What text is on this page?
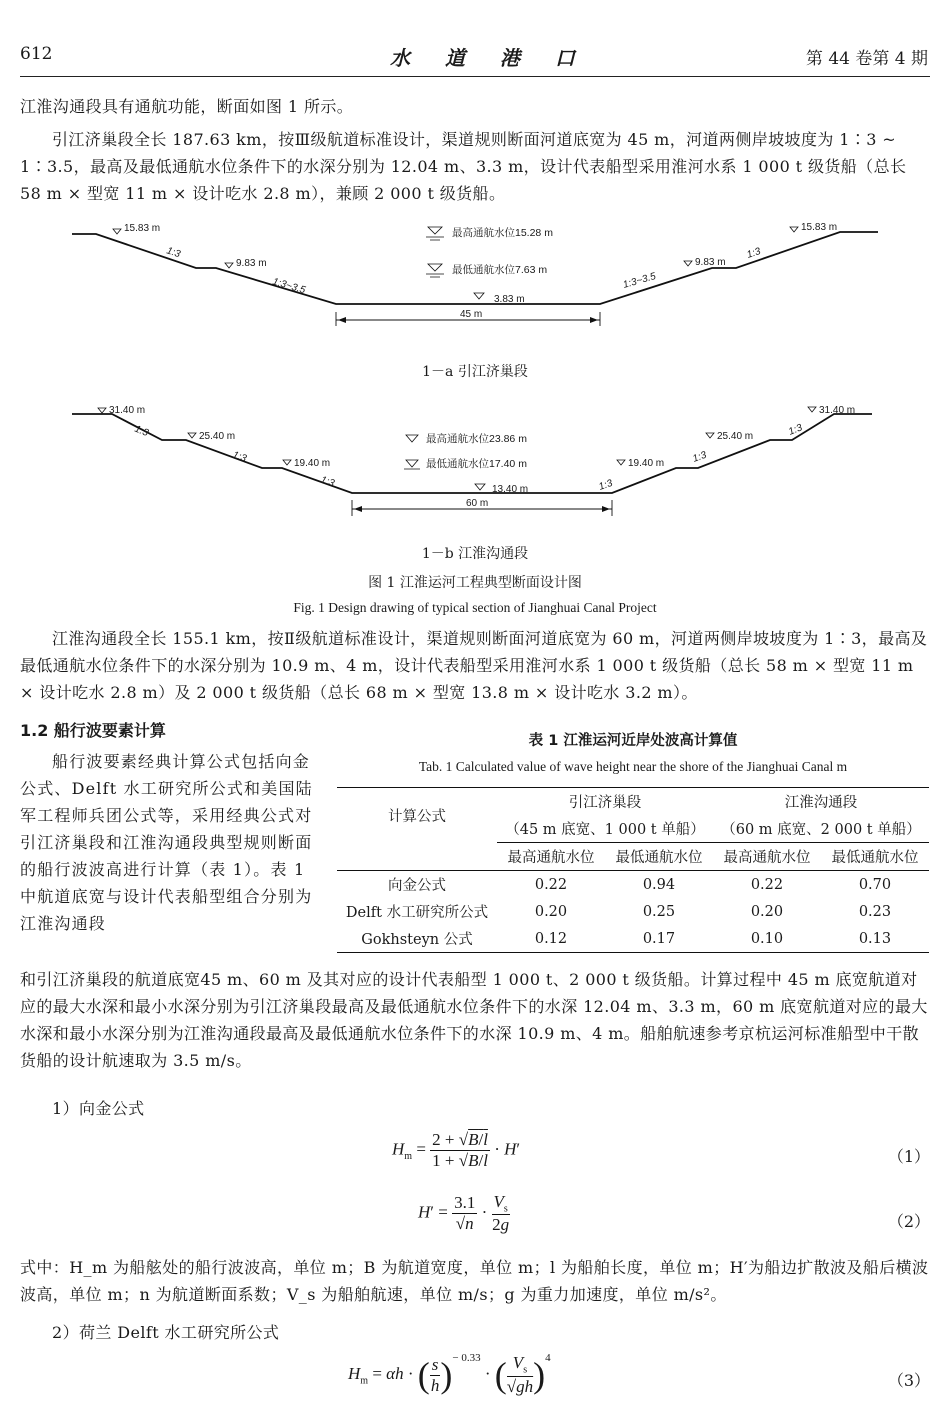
612	水 道 港 口	第 44 卷第 4 期

江淮沟通段具有通航功能，断面如图 1 所示。

引江济巢段全长 187.63 km，按Ⅲ级航道标准设计，渠道规则断面河道底宽为 45 m，河道两侧岸坡坡度为 1∶3 ~ 1∶3.5，最高及最低通航水位条件下的水深分别为 12.04 m、3.3 m，设计代表船型采用淮河水系 1 000 t 级货船（总长 58 m × 型宽 11 m × 设计吃水 2.8 m），兼顾 2 000 t 级货船。

15.83 m
1:3
9.83 m
1:3~3.5
最高通航水位15.28 m
最低通航水位7.63 m
3.83 m
45 m
1:3~3.5
9.83 m
1:3
15.83 m
1－a 引江济巢段
31.40 m
1:3	25.40 m
1:3	19.40 m
1:3
最高通航水位23.86 m
最低通航水位17.40 m
13.40 m
60 m
1:3
19.40 m	1:3
25.40 m	1:3
31.40 m
1－b 江淮沟通段
图 1 江淮运河工程典型断面设计图
Fig. 1 Design drawing of typical section of Jianghuai Canal Project

江淮沟通段全长 155.1 km，按Ⅱ级航道标准设计，渠道规则断面河道底宽为 60 m，河道两侧岸坡坡度为 1∶3，最高及最低通航水位条件下的水深分别为 10.9 m、4 m，设计代表船型采用淮河水系 1 000 t 级货船（总长 58 m × 型宽 11 m × 设计吃水 2.8 m）及 2 000 t 级货船（总长 68 m × 型宽 13.8 m × 设计吃水 3.2 m）。

1.2 船行波要素计算

船行波要素经典计算公式包括向金公式、Delft 水工研究所公式和美国陆军工程师兵团公式等，采用经典公式对引江济巢段和江淮沟通段典型规则断面的船行波波高进行计算（表 1）。表 1 中航道底宽与设计代表船型组合分别为江淮沟通段

表 1 江淮运河近岸处波高计算值
Tab. 1 Calculated value of wave height near the shore of the Jianghuai Canal m
计算公式	引江济巢段		江淮沟通段	
	（45 m 底宽、1 000 t 单船）		（60 m 底宽、2 000 t 单船）	
	最高通航水位	最低通航水位	最高通航水位	最低通航水位
向金公式	0.22	0.94	0.22	0.70
Delft 水工研究所公式	0.20	0.25	0.20	0.23
Gokhsteyn 公式	0.12	0.17	0.10	0.13

和引江济巢段的航道底宽45 m、60 m 及其对应的设计代表船型 1 000 t、2 000 t 级货船。计算过程中 45 m 底宽航道对应的最大水深和最小水深分别为引江济巢段最高及最低通航水位条件下的水深 12.04 m、3.3 m，60 m 底宽航道对应的最大水深和最小水深分别为江淮沟通段最高及最低通航水位条件下的水深 10.9 m、4 m。船舶航速参考京杭运河标准船型中干散货船的设计航速取为 3.5 m/s。

1）向金公式

$H_m = \frac{2 + √B/l}{1 + √B/l} \cdot H'$	（1）
$H' = \frac{3.1}{√n} \cdot \frac{V_s}{2g}$	（2）

式中：H_m 为船舷处的船行波波高，单位 m；B 为航道宽度，单位 m；l 为船舶长度，单位 m；H′为船边扩散波及船后横波波高，单位 m；n 为航道断面系数；V_s 为船舶航速，单位 m/s；g 为重力加速度，单位 m/s²。

2）荷兰 Delft 水工研究所公式

$H_m = \alpha h$ · ( $\frac{s}{h} )^{- 0.33}$ · ( $\frac{V_s}{√gh} )^4$
（3）
